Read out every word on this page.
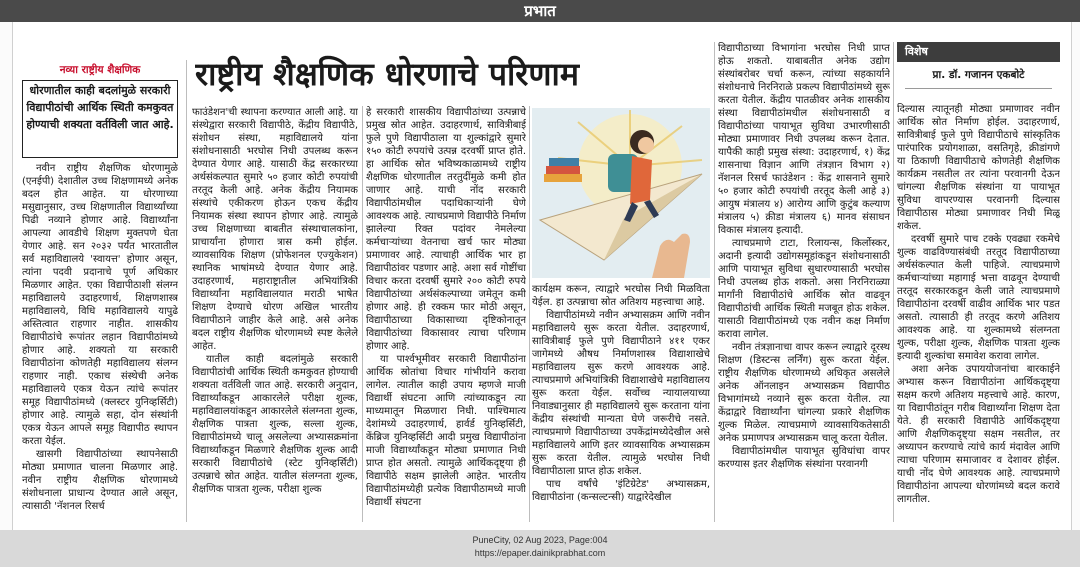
प्रभात
नव्या राष्ट्रीय शैक्षणिक
धोरणातील काही बदलांमुळे सरकारी विद्यापीठांची आर्थिक स्थिती कमकुवत होण्याची शक्यता वर्तविली जात आहे.
राष्ट्रीय शैक्षणिक धोरणाचे परिणाम

नवीन राष्ट्रीय शैक्षणिक धोरणामुळे (एनईपी) देशातील उच्च शिक्षणामध्ये अनेक बदल होत आहेत. या धोरणाच्या मसुद्यानुसार, उच्च शिक्षणातील विद्यार्थ्यांच्या पिढी नव्याने होणार आहे. विद्यार्थ्यांना आपल्या आवडीचे शिक्षण मुक्तपणे घेता येणार आहे. सन २०३२ पर्यंत भारतातील सर्व महाविद्यालये 'स्वायत्त' होणार असून, त्यांना पदवी प्रदानाचे पूर्ण अधिकार मिळणार आहेत. एका विद्यापीठाशी संलग्न महाविद्यालये उदाहरणार्थ, शिक्षणशास्त्र महाविद्यालये, विधि महाविद्यालये यापुढे अस्तित्वात राहणार नाहीत. शासकीय विद्यापीठांचे रूपांतर लहान विद्यापीठांमध्ये होणार आहे. शक्यतो या सरकारी विद्यापीठांना कोणतेही महाविद्यालय संलग्न राहणार नाही. एकाच संस्थेची अनेक महाविद्यालये एकत्र येऊन त्यांचे रूपांतर समूह विद्यापीठांमध्ये (क्लस्टर युनिव्हर्सिटी) होणार आहे. त्यामुळे सहा, दोन संस्थांनी एकत्र येऊन आपले समूह विद्यापीठ स्थापन करता येईल.

खासगी विद्यापीठांच्या स्थापनेसाठी मोठ्या प्रमाणात चालना मिळणार आहे. नवीन राष्ट्रीय शैक्षणिक धोरणामध्ये संशोधनाला प्राधान्य देण्यात आले असून, त्यासाठी 'नॅशनल रिसर्च

फाउंडेशन'ची स्थापना करण्यात आली आहे. या संस्थेद्वारा सरकारी विद्यापीठे, केंद्रीय विद्यापीठे, संशोधन संस्था, महाविद्यालये यांना संशोधनासाठी भरघोस निधी उपलब्ध करून देण्यात येणार आहे. यासाठी केंद्र सरकारच्या अर्थसंकल्पात सुमारे ५० हजार कोटी रुपयांची तरतूद केली आहे. अनेक केंद्रीय नियामक संस्थांचे एकीकरण होऊन एकच केंद्रीय नियामक संस्था स्थापन होणार आहे. त्यामुळे उच्च शिक्षणाच्या बाबतीत संस्थाचालकांना, प्राचार्यांना होणारा त्रास कमी होईल. व्यावसायिक शिक्षण (प्रोफेशनल एज्युकेशन) स्थानिक भाषांमध्ये देण्यात येणार आहे. उदाहरणार्थ, महाराष्ट्रातील अभियांत्रिकी विद्यार्थ्यांना महाविद्यालयात मराठी भाषेत शिक्षण देण्याचे धोरण अखिल भारतीय विद्यापीठाने जाहीर केले आहे. असे अनेक बदल राष्ट्रीय शैक्षणिक धोरणामध्ये स्पष्ट केलेले आहेत.

यातील काही बदलांमुळे सरकारी विद्यापीठांची आर्थिक स्थिती कमकुवत होण्याची शक्यता वर्तविली जात आहे. सरकारी अनुदान, विद्यार्थ्यांकडून आकारलेले परीक्षा शुल्क, महाविद्यालयांकडून आकारलेले संलग्नता शुल्क, शैक्षणिक पात्रता शुल्क, सल्ला शुल्क, विद्यापीठांमध्ये चालू असलेल्या अभ्यासक्रमांना विद्यार्थ्यांकडून मिळणारे शैक्षणिक शुल्क आदी सरकारी विद्यापीठांचे (स्टेट युनिव्हर्सिटी) उत्पन्नाचे स्रोत आहेत. यातील संलग्नता शुल्क, शैक्षणिक पात्रता शुल्क, परीक्षा शुल्क

हे सरकारी शासकीय विद्यापीठांच्या उत्पन्नाचे प्रमुख स्रोत आहेत. उदाहरणार्थ, सावित्रीबाई फुले पुणे विद्यापीठाला या शुल्कांद्वारे सुमारे १५० कोटी रुपयांचे उत्पन्न दरवर्षी प्राप्त होते. हा आर्थिक स्रोत भविष्यकाळामध्ये राष्ट्रीय शैक्षणिक धोरणातील तरतुदींमुळे कमी होत जाणार आहे. याची नोंद सरकारी विद्यापीठांमधील पदाधिकाऱ्यांनी घेणे आवश्यक आहे. त्याचप्रमाणे विद्यापीठे निर्माण झालेल्या रिक्त पदांवर नेमलेल्या कर्मचाऱ्यांच्या वेतनाचा खर्च फार मोठ्या प्रमाणावर आहे. त्याचाही आर्थिक भार हा विद्यापीठांवर पडणार आहे. अशा सर्व गोष्टींचा विचार करता दरवर्षी सुमारे २०० कोटी रुपये विद्यापीठांच्या अर्थसंकल्पाच्या जमेतून कमी होणार आहे. ही रक्कम फार मोठी असून, विद्यापीठाच्या विकासाच्या दृष्टिकोनातून विद्यापीठांच्या विकासावर त्याचा परिणाम होणार आहे.

या पार्श्वभूमीवर सरकारी विद्यापीठांना आर्थिक स्रोतांचा विचार गांभीर्याने करावा लागेल. त्यातील काही उपाय म्हणजे माजी विद्यार्थी संघटना आणि त्यांच्याकडून त्या माध्यमातून मिळणारा निधी. पाश्चिमात्य देशांमध्ये उदाहरणार्थ, हार्वर्ड युनिव्हर्सिटी, केंब्रिज युनिव्हर्सिटी आदी प्रमुख विद्यापीठांना माजी विद्यार्थ्यांकडून मोठ्या प्रमाणात निधी प्राप्त होत असतो. त्यामुळे आर्थिकदृष्ट्या ही विद्यापीठे सक्षम झालेली आहेत. भारतीय विद्यापीठांमध्येही प्रत्येक विद्यापीठामध्ये माजी विद्यार्थी संघटना

कार्यक्षम करून, त्याद्वारे भरघोस निधी मिळविता येईल. हा उत्पन्नाचा स्रोत अतिशय महत्त्वाचा आहे.

विद्यापीठांमध्ये नवीन अभ्यासक्रम आणि नवीन महाविद्यालये सुरू करता येतील. उदाहरणार्थ, सावित्रीबाई फुले पुणे विद्यापीठाने ४११ एकर जागेमध्ये औषध निर्माणशास्त्र विद्याशाखेचे महाविद्यालय सुरू करणे आवश्यक आहे. त्याचप्रमाणे अभियांत्रिकी विद्याशाखेचे महाविद्यालय सुरू करता येईल. सर्वोच्च न्यायालयाच्या निवाड्यानुसार ही महाविद्यालये सुरू करताना यांना केंद्रीय संस्थांची मान्यता घेणे जरूरीचे नसते. त्याचप्रमाणे विद्यापीठाच्या उपकेंद्रांमध्येदेखील असे महाविद्यालये आणि इतर व्यावसायिक अभ्यासक्रम सुरू करता येतील. त्यामुळे भरघोस निधी विद्यापीठाला प्राप्त होऊ शकेल.

पाच वर्षांचे 'इंटिग्रेटेड' अभ्यासक्रम, विद्यापीठांना (कन्सल्टन्सी) याद्वारेदेखील

विद्यापीठाच्या विभागांना भरघोस निधी प्राप्त होऊ शकतो. याबाबतीत अनेक उद्योग संस्थांबरोबर चर्चा करून, त्यांच्या सहकार्याने संशोधनाचे निरनिराळे प्रकल्प विद्यापीठांमध्ये सुरू करता येतील. केंद्रीय पातळीवर अनेक शासकीय संस्था विद्यापीठांमधील संशोधनासाठी व विद्यापीठांच्या पायाभूत सुविधा उभारणीसाठी मोठ्या प्रमाणावर निधी उपलब्ध करून देतात. यापैकी काही प्रमुख संस्था: उदाहरणार्थ, १) केंद्र शासनाचा विज्ञान आणि तंत्रज्ञान विभाग २) नॅशनल रिसर्च फाउंडेशन : केंद्र शासनाने सुमारे ५० हजार कोटी रुपयांची तरतूद केली आहे ३) आयुष मंत्रालय ४) आरोग्य आणि कुटुंब कल्याण मंत्रालय ५) क्रीडा मंत्रालय ६) मानव संसाधन विकास मंत्रालय इत्यादी.

त्याचप्रमाणे टाटा, रिलायन्स, किर्लोस्कर, अदानी इत्यादी उद्योगसमूहांकडून संशोधनासाठी आणि पायाभूत सुविधा सुधारण्यासाठी भरघोस निधी उपलब्ध होऊ शकतो. असा निरनिराळ्या मार्गांनी विद्यापीठांचे आर्थिक स्रोत वाढवून विद्यापीठांची आर्थिक स्थिती मजबूत होऊ शकेल. यासाठी विद्यापीठांमध्ये एक नवीन कक्ष निर्माण करावा लागेल.

नवीन तंत्रज्ञानाचा वापर करून ल्याद्वारे दूरस्थ शिक्षण (डिस्टन्स लर्निंग) सुरू करता येईल. राष्ट्रीय शैक्षणिक धोरणामध्ये अधिकृत असलेले अनेक ऑनलाइन अभ्यासक्रम विद्यापीठ विभागांमध्ये नव्याने सुरू करता येतील. त्या केंद्राद्वारे विद्यार्थ्यांना चांगल्या प्रकारे शैक्षणिक शुल्क मिळेल. त्याचप्रमाणे व्यावसायिकतेसाठी अनेक प्रमाणपत्र अभ्यासक्रम चालू करता येतील.

विद्यापीठांमधील पायाभूत सुविधांचा वापर करण्यास इतर शैक्षणिक संस्थांना परवानगी

विशेष
प्रा. डॉ. गजानन एकबोटे

दिल्यास त्यातूनही मोठ्या प्रमाणावर नवीन आर्थिक स्रोत निर्माण होईल. उदाहरणार्थ, सावित्रीबाई फुले पुणे विद्यापीठाचे सांस्कृतिक पारंपारिक प्रयोगशाळा, वसतिगृहे, क्रीडांगणे या ठिकाणी विद्यापीठाचे कोणतेही शैक्षणिक कार्यक्रम नसतील तर त्यांना परवानगी देऊन चांगल्या शैक्षणिक संस्थांना या पायाभूत सुविधा वापरण्यास परवानगी दिल्यास विद्यापीठास मोठ्या प्रमाणावर निधी मिळू शकेल.

दरवर्षी सुमारे पाच टक्के एवढ्या रकमेचे शुल्क वाढविण्यासंबंधी तरतूद विद्यापीठाच्या अर्थसंकल्पात केली पाहिजे. त्याचप्रमाणे कर्मचाऱ्यांच्या महागाई भत्ता वाढवून देण्याची तरतूद सरकारकडून केली जाते त्याचप्रमाणे विद्यापीठांना दरवर्षी वाढीव आर्थिक भार पडत असतो. त्यासाठी ही तरतूद करणे अतिशय आवश्यक आहे. या शुल्कामध्ये संलग्नता शुल्क, परीक्षा शुल्क, शैक्षणिक पात्रता शुल्क इत्यादी शुल्कांचा समावेश करावा लागेल.

अशा अनेक उपाययोजनांचा बारकाईने अभ्यास करून विद्यापीठांना आर्थिकदृष्ट्या सक्षम करणे अतिशय महत्त्वाचे आहे. कारण, या विद्यापीठांतून गरीब विद्यार्थ्यांना शिक्षण देता येते. ही सरकारी विद्यापीठे आर्थिकदृष्ट्या आणि शैक्षणिकदृष्ट्या सक्षम नसतील, तर अध्यापन करण्याचे त्यांचे कार्य मंदावेल आणि त्याचा परिणाम समाजावर व देशावर होईल. याची नोंद घेणे आवश्यक आहे. त्याचप्रमाणे विद्यापीठांना आपल्या धोरणांमध्ये बदल करावे लागतील.

PuneCity, 02 Aug 2023, Page:004
https://epaper.dainikprabhat.com
